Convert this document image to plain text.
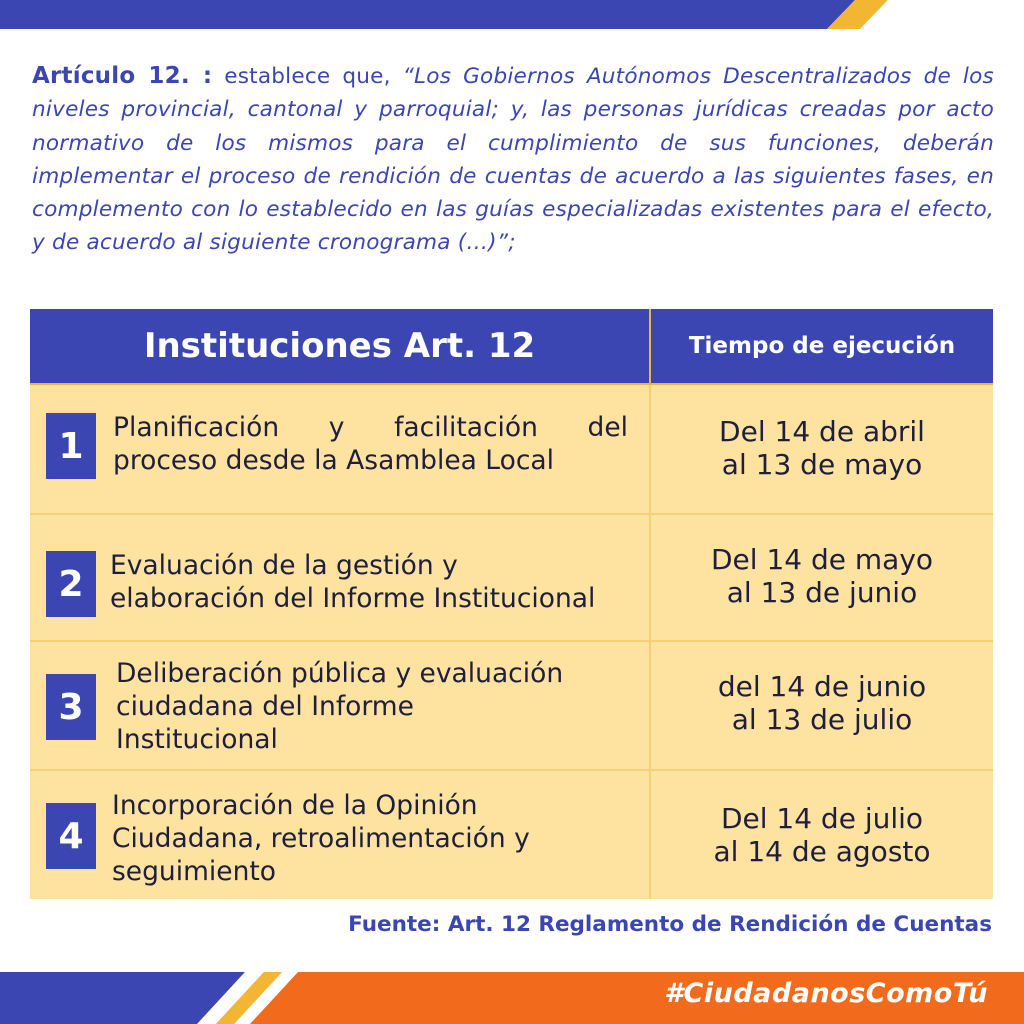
Artículo 12. : establece que, “Los Gobiernos Autónomos Descentralizados de los niveles provincial, cantonal y parroquial; y, las personas jurídicas creadas por acto normativo de los mismos para el cumplimiento de sus funciones, deberán implementar el proceso de rendición de cuentas de acuerdo a las siguientes fases, en complemento con lo establecido en las guías especializadas existentes para el efecto, y de acuerdo al siguiente cronograma (…)”;
Instituciones Art. 12	Tiempo de ejecución
1	Planificación y facilitación del
proceso desde la Asamblea Local
Del 14 de abril
al 13 de mayo
2 Evaluación de la gestión y
elaboración del Informe Institucional
Del 14 de mayo
al 13 de junio
3
Deliberación pública y evaluación
ciudadana del Informe
Institucional
del 14 de junio
al 13 de julio
4
Incorporación de la Opinión
Ciudadana, retroalimentación y
seguimiento
Del 14 de julio
al 14 de agosto
Fuente: Art. 12 Reglamento de Rendición de Cuentas
#CiudadanosComoTú
